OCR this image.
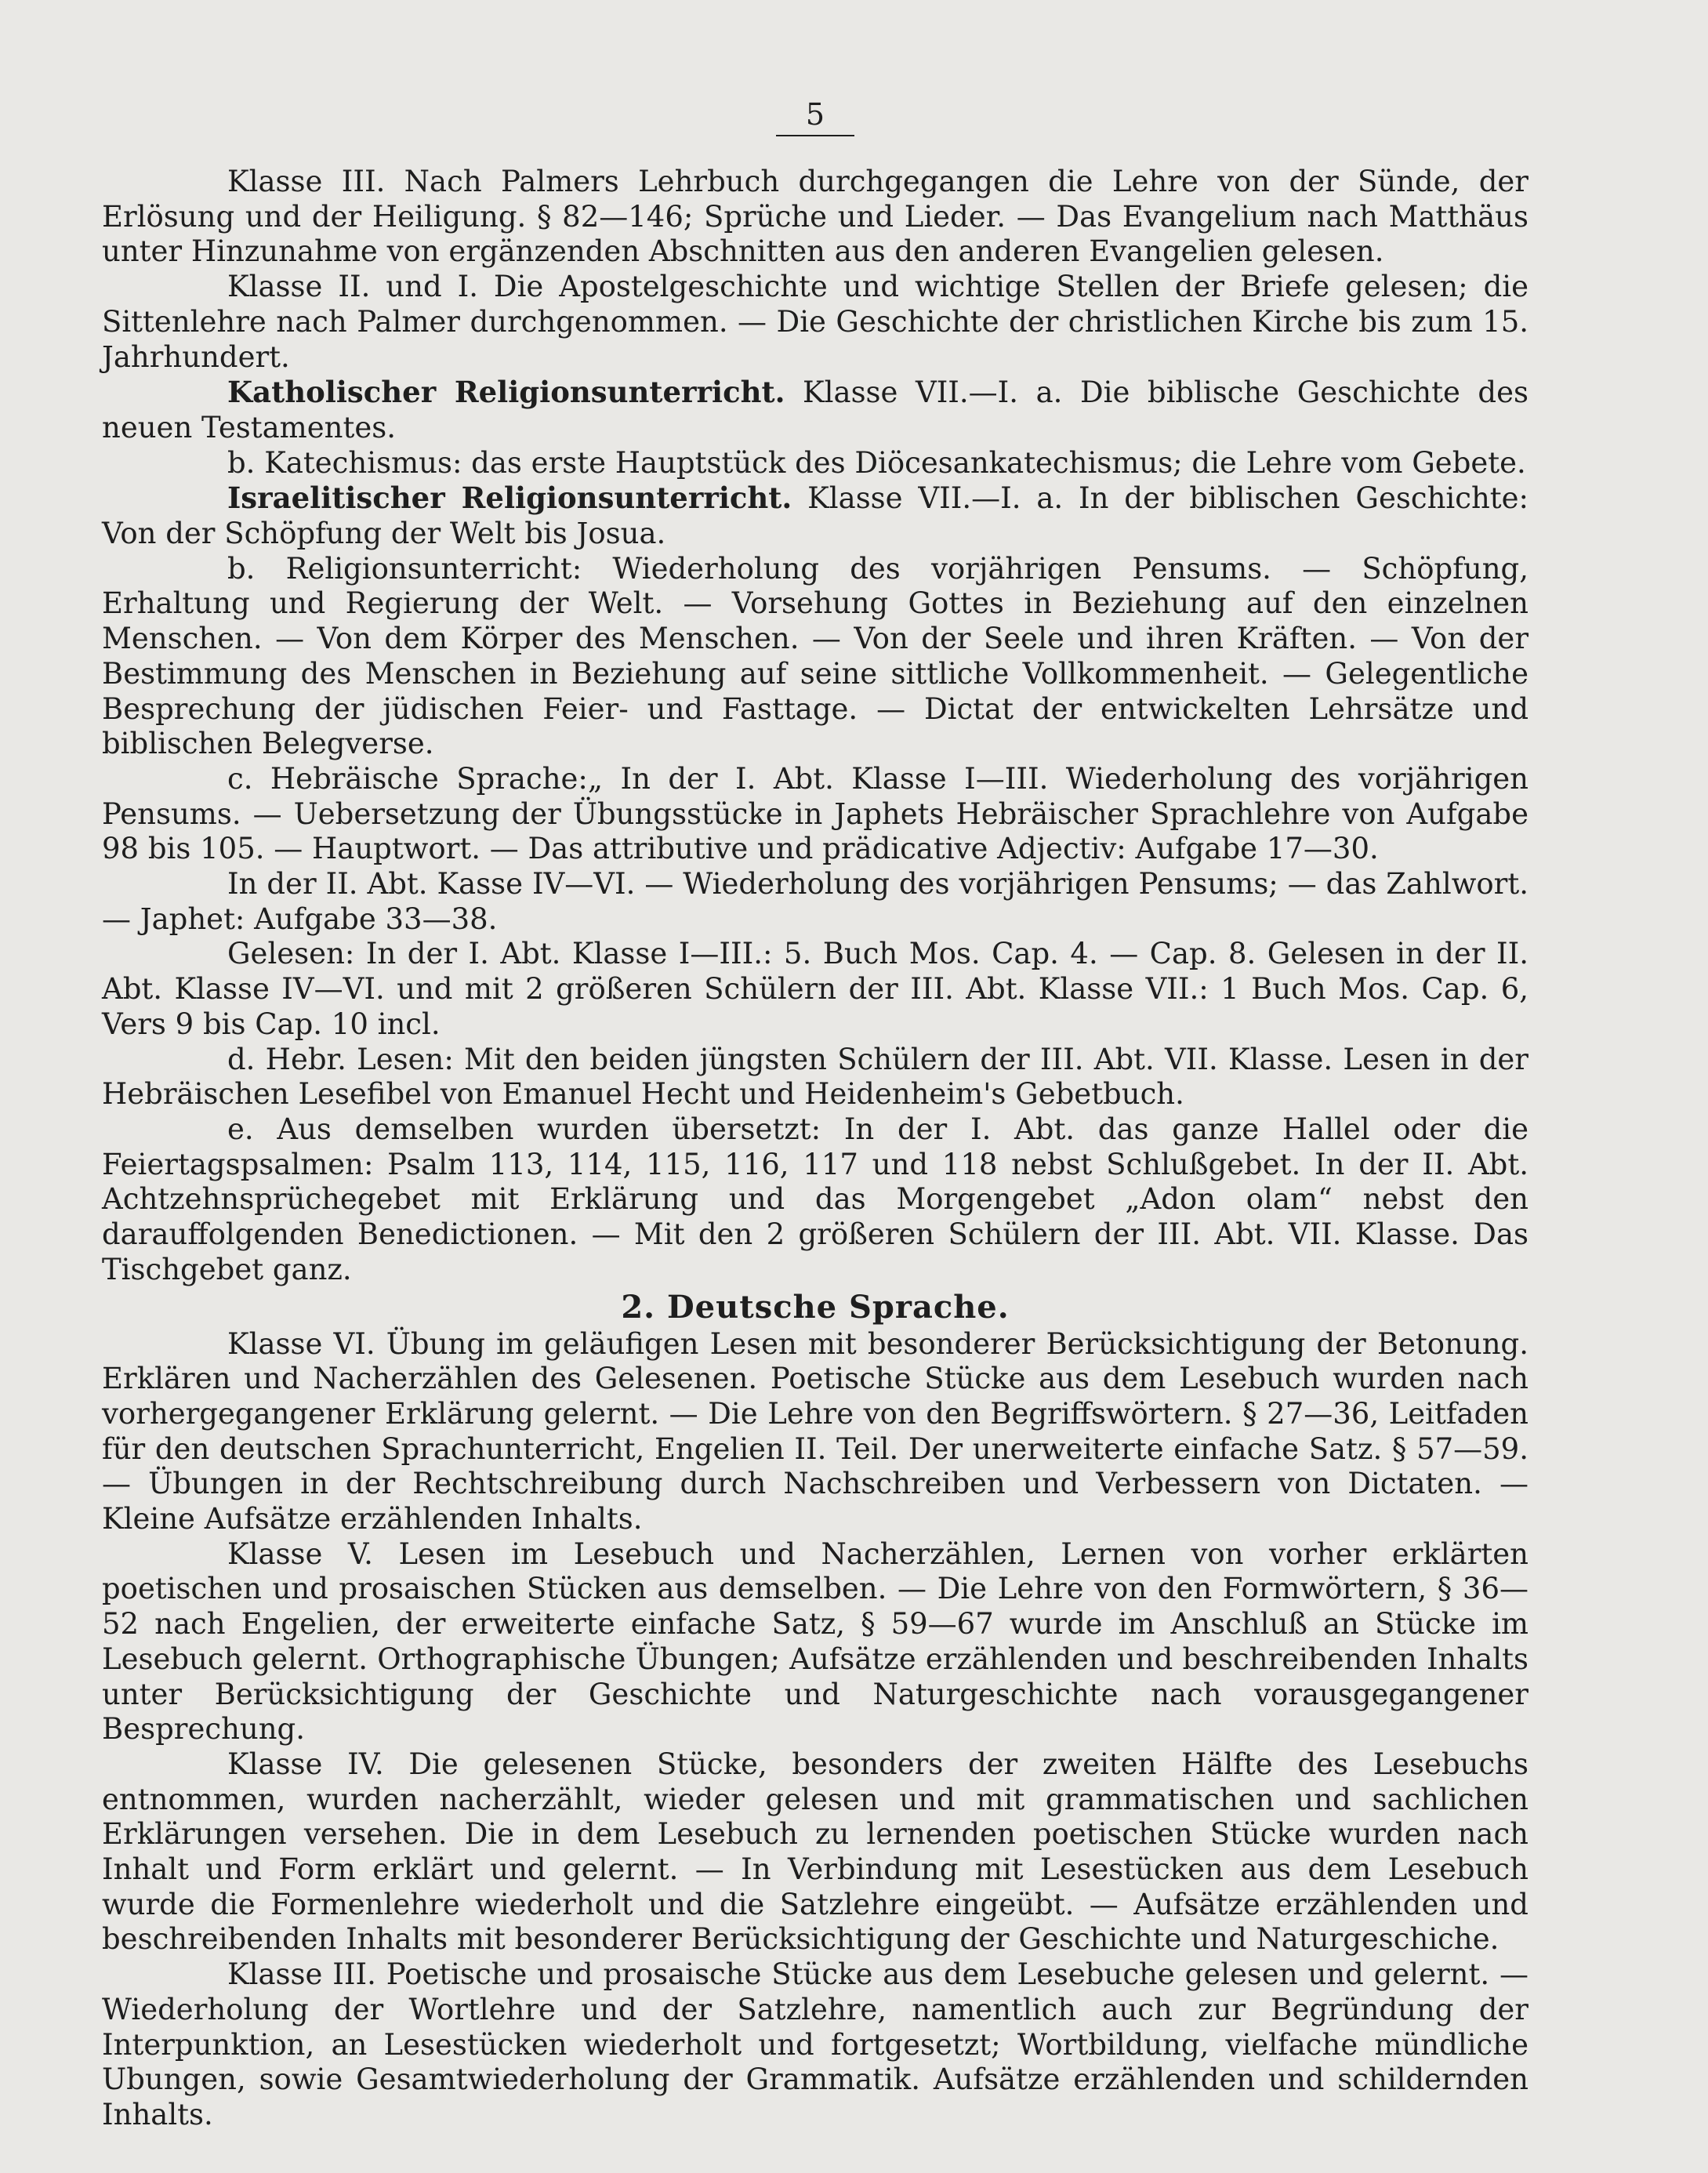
5

Klasse III. Nach Palmers Lehrbuch durchgegangen die Lehre von der Sünde, der Erlösung und der Heiligung. § 82—146; Sprüche und Lieder. — Das Evangelium nach Matthäus unter Hinzunahme von ergänzenden Abschnitten aus den anderen Evangelien gelesen.

Klasse II. und I. Die Apostelgeschichte und wichtige Stellen der Briefe gelesen; die Sittenlehre nach Palmer durchgenommen. — Die Geschichte der christlichen Kirche bis zum 15. Jahrhundert.

Katholischer Religionsunterricht. Klasse VII.—I. a. Die biblische Geschichte des neuen Testamentes.

b. Katechismus: das erste Hauptstück des Diöcesankatechismus; die Lehre vom Gebete.

Israelitischer Religionsunterricht. Klasse VII.—I. a. In der biblischen Geschichte: Von der Schöpfung der Welt bis Josua.

b. Religionsunterricht: Wiederholung des vorjährigen Pensums. — Schöpfung, Erhaltung und Regierung der Welt. — Vorsehung Gottes in Beziehung auf den einzelnen Menschen. — Von dem Körper des Menschen. — Von der Seele und ihren Kräften. — Von der Bestimmung des Menschen in Beziehung auf seine sittliche Vollkommenheit. — Gelegentliche Besprechung der jüdischen Feier- und Fasttage. — Dictat der entwickelten Lehrsätze und biblischen Belegverse.

c. Hebräische Sprache:„ In der I. Abt. Klasse I—III. Wiederholung des vorjährigen Pensums. — Uebersetzung der Übungsstücke in Japhets Hebräischer Sprachlehre von Aufgabe 98 bis 105. — Hauptwort. — Das attributive und prädicative Adjectiv: Aufgabe 17—30.

In der II. Abt. Kasse IV—VI. — Wiederholung des vorjährigen Pensums; — das Zahlwort. — Japhet: Aufgabe 33—38.

Gelesen: In der I. Abt. Klasse I—III.: 5. Buch Mos. Cap. 4. — Cap. 8. Gelesen in der II. Abt. Klasse IV—VI. und mit 2 größeren Schülern der III. Abt. Klasse VII.: 1 Buch Mos. Cap. 6, Vers 9 bis Cap. 10 incl.

d. Hebr. Lesen: Mit den beiden jüngsten Schülern der III. Abt. VII. Klasse. Lesen in der Hebräischen Lesefibel von Emanuel Hecht und Heidenheim's Gebetbuch.

e. Aus demselben wurden übersetzt: In der I. Abt. das ganze Hallel oder die Feiertagspsalmen: Psalm 113, 114, 115, 116, 117 und 118 nebst Schlußgebet. In der II. Abt. Achtzehnsprüchegebet mit Erklärung und das Morgengebet „Adon olam“ nebst den darauffolgenden Benedictionen. — Mit den 2 größeren Schülern der III. Abt. VII. Klasse. Das Tischgebet ganz.

2. Deutsche Sprache.

Klasse VI. Übung im geläufigen Lesen mit besonderer Berücksichtigung der Betonung. Erklären und Nacherzählen des Gelesenen. Poetische Stücke aus dem Lesebuch wurden nach vorhergegangener Erklärung gelernt. — Die Lehre von den Begriffswörtern. § 27—36, Leitfaden für den deutschen Sprachunterricht, Engelien II. Teil. Der unerweiterte einfache Satz. § 57—59. — Übungen in der Rechtschreibung durch Nachschreiben und Verbessern von Dictaten. — Kleine Aufsätze erzählenden Inhalts.

Klasse V. Lesen im Lesebuch und Nacherzählen, Lernen von vorher erklärten poetischen und prosaischen Stücken aus demselben. — Die Lehre von den Formwörtern, § 36—52 nach Engelien, der erweiterte einfache Satz, § 59—67 wurde im Anschluß an Stücke im Lesebuch gelernt. Orthographische Übungen; Aufsätze erzählenden und beschreibenden Inhalts unter Berücksichtigung der Geschichte und Naturgeschichte nach vorausgegangener Besprechung.

Klasse IV. Die gelesenen Stücke, besonders der zweiten Hälfte des Lesebuchs entnommen, wurden nacherzählt, wieder gelesen und mit grammatischen und sachlichen Erklärungen versehen. Die in dem Lesebuch zu lernenden poetischen Stücke wurden nach Inhalt und Form erklärt und gelernt. — In Verbindung mit Lesestücken aus dem Lesebuch wurde die Formenlehre wiederholt und die Satzlehre eingeübt. — Aufsätze erzählenden und beschreibenden Inhalts mit besonderer Berücksichtigung der Geschichte und Naturgeschiche.

Klasse III. Poetische und prosaische Stücke aus dem Lesebuche gelesen und gelernt. — Wiederholung der Wortlehre und der Satzlehre, namentlich auch zur Begründung der Interpunktion, an Lesestücken wiederholt und fortgesetzt; Wortbildung, vielfache mündliche Ubungen, sowie Gesamtwiederholung der Grammatik. Aufsätze erzählenden und schildernden Inhalts.
